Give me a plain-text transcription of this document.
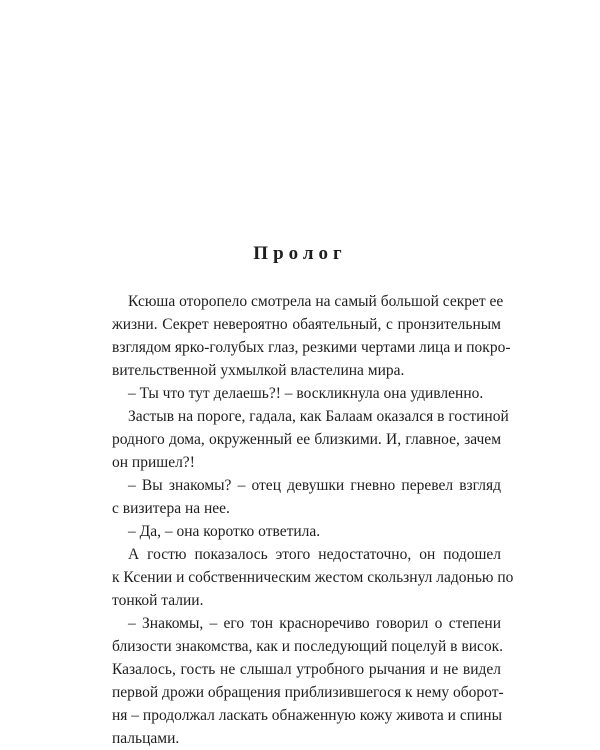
Пролог
Ксюша оторопело смотрела на самый большой секрет ее
жизни. Секрет невероятно обаятельный, с пронзительным
взглядом ярко-голубых глаз, резкими чертами лица и покро-
вительственной ухмылкой властелина мира.
– Ты что тут делаешь?! – воскликнула она удивленно.
Застыв на пороге, гадала, как Балаам оказался в гостиной
родного дома, окруженный ее близкими. И, главное, зачем
он пришел?!
– Вы знакомы? – отец девушки гневно перевел взгляд
с визитера на нее.
– Да, – она коротко ответила.
А гостю показалось этого недостаточно, он подошел
к Ксении и собственническим жестом скользнул ладонью по
тонкой талии.
– Знакомы, – его тон красноречиво говорил о степени
близости знакомства, как и последующий поцелуй в висок.
Казалось, гость не слышал утробного рычания и не видел
первой дрожи обращения приблизившегося к нему оборот-
ня – продолжал ласкать обнаженную кожу живота и спины
пальцами.
